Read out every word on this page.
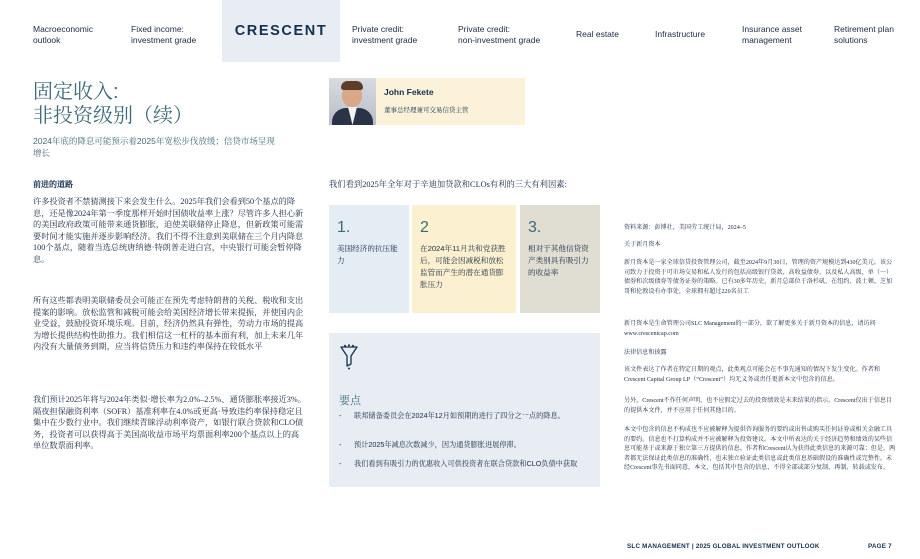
Macroeconomic
outlook
Fixed income:
investment grade
CRESCENT	Private credit:
investment grade
Private credit:
non-investment grade
Real estate	Infrastructure	Insurance asset
management
Retirement plan
solutions
固定收入:
非投资级别（续）

2024年底的降息可能预示着2025年宽松步伐放缓；信贷市场呈现增长

John Fekete
董事总经理兼可交易信贷主管
前进的道路

许多投资者不禁猜测接下来会发生什么。2025年我们会看到50个基点的降息，还是像2024年第一季度那样开始时国债收益率上涨？尽管许多人担心新的美国政府政策可能带来通货膨胀，迫使美联储停止降息，但新政策可能需要时间才能实施并逐步影响经济。我们不得不注意到美联储在三个月内降息100个基点，随着当选总统唐纳德·特朗普走进白宫，中央银行可能会暂停降息。

所有这些都表明美联储委员会可能正在预先考虑特朗普的关税、税收和支出提案的影响。放松监管和减税可能会给美国经济增长带来提振，并使国内企业受益，鼓励投资环境乐观。目前，经济仍然具有弹性，劳动力市场的提高为增长提供结构性助推力。我们相信这一杠杆的基本面有利，加上未来几年内没有大量债务到期，应当将信贷压力和违约率保持在较低水平

我们预计2025年将与2024年类似·增长率为2.0%–2.5%、通货膨胀率接近3%。隔夜担保融资利率（SOFR）基准利率在4.0%或更高·导致违约率保持稳定且集中在少数行业中。我们继续青睐浮动利率资产，如银行联合贷款和CLO债务，投资者可以获得高于美国高收益市场平均票面利率200个基点以上的高单位数票面利率。

我们看到2025年全年对于辛迪加贷款和CLOs有利的三大有利因素:
1.
美国经济的抗压能力
2
在2024年11月共和党获胜后，可能会因减税和放松监管而产生的潜在通货膨胀压力
3.
相对于其他信贷资产类别具有吸引力的收益率
要点
-	联邦储备委员会在2024年12月如预期的进行了四分之一点的降息。
-	预计2025年减息次数减少，因为通货膨胀进展停滞。
-	我们看到有吸引力的优惠收入可供投资者在联合贷款和CLO负债中获取

资料来源：彭博社，美国劳工统计局，2024–5

关于新月资本

新月资本是一家全球信贷投资管理公司，截至2024年9月30日，管理的资产规模达到430亿美元。该公司致力于投资于可市场交易和私人发行的包括高级银行贷款、高收益债券、以及私人高级、单（一）债券和次级债券等债务证券的策略。已有30多年历史，新月总部位于洛杉矶，在纽约、波士顿、芝加哥和伦敦设有办事处，全球拥有超过220名员工

新月资本是生命管理公司SLC Management的一部分，欲了解更多关于新月资本的信息，请访问www.crescentcap.com

法律信息和披露

该文件表达了作者在特定日期的观点，此类观点可能会在不事先通知的情况下发生变化。作者和Crescent Capital Group LP（“Crescent”）均无义务或责任更新本文中包含的信息。

另外，Crescent不作任何声明，也不应假定过去的投资绩效是未来结果的指示。Crescent仅出于信息目的提供本文件，并不应用于任何其他目的。

本文中包含的信息不构成也不应被解释为提供咨询服务的要约或出售或购买任何证券或相关金融工具的要约。信息也不打算构成并不应被解释为投资建议。本文中所表达的关于经济趋势和绩效的某些信息可能基于或来源于独立第三方提供的信息。作者和Crescent认为获得此类信息的来源可靠；但是，两者都无法保证此类信息的准确性，也未独立验证此类信息或此类信息基础假设的准确性或完整性。未经Crescent事先书面同意，本文、包括其中包含的信息，不得全部或部分复制、再制、转载或发布。

SLC MANAGEMENT | 2025 GLOBAL INVESTMENT OUTLOOK	PAGE 7
